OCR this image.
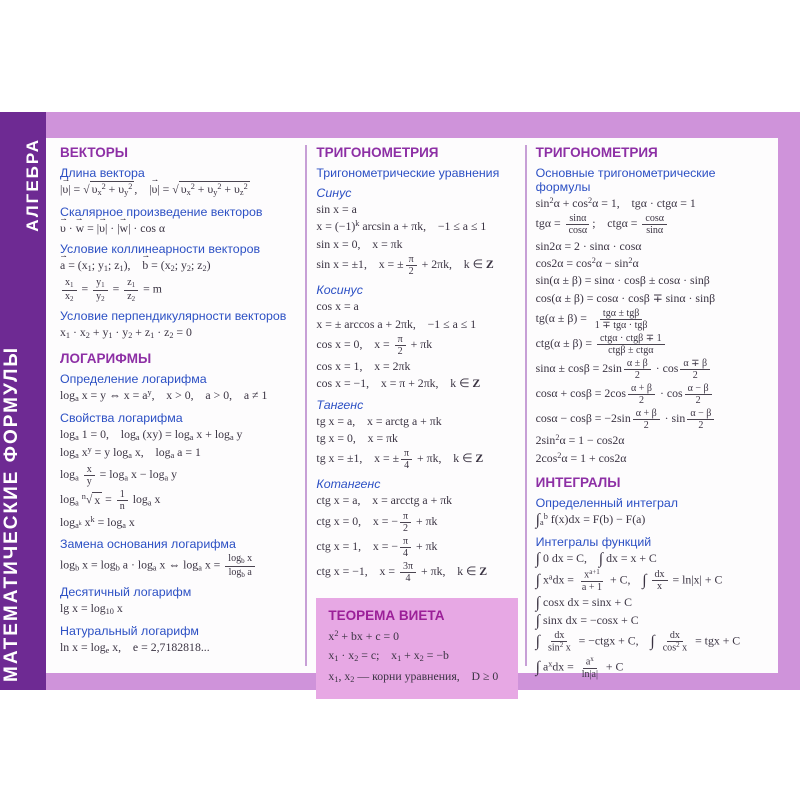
АЛГЕБРА
МАТЕМАТИЧЕСКИЕ ФОРМУЛЫ
ВЕКТОРЫ
Длина вектора
|υ ⇀| = √ $\upsilon_x^2 + \upsilon_y^2$ ,  |υ ⇀| = √ $\upsilon_x^2 + \upsilon_y^2 + \upsilon_z^2$
Скалярное произведение векторов
υ ⇀ · w ⇀ = |υ ⇀| · |w ⇀| · cos α
Условие коллинеарности векторов
a ⇀ = ($x_1$; $y_1$; $z_1$),  b ⇀ = ($x_2$; $y_2$; $z_2$)
$\frac{x_1}{x_2} = \frac{y_1}{y_2} = \frac{z_1}{z_2} = m$
Условие перпендикулярности векторов
$x_1 \cdot x_2 + y_1 \cdot y_2 + z_1 \cdot z_2 = 0$
ЛОГАРИФМЫ
Определение логарифма
$\log_a x = y$ ⇔ $x = a^y$,  x > 0,  a > 0,  a ≠ 1
Свойства логарифма
$\log_a 1 = 0$,  $\log_a (xy) = \log_a x + \log_a y$
$\log_a x^y = y$ $\log_a x$,  $\log_a a = 1$
$\log_a \frac{x}{y} = \log_a x - \log_a y$
$\log_a ^n√$ $x = \frac{1}{n} \log_a x$
$\log_{a^k} x^k = \log_a x$
Замена основания логарифма
$\log_b x = \log_b a \cdot \log_a x$ ⇔ $\log_a x = \frac{\log_b x}{\log_b a}$
Десятичный логарифм
$\lg x = \log_{10} x$
Натуральный логарифм
$\ln x = \log_e x$,  e = 2,7182818...
ТРИГОНОМЕТРИЯ
Тригонометрические уравнения
Синус
sin x = a
$x = (-1)^k$ arcsin a + πk,  −1 ≤ a ≤ 1
sin x = 0,  x = πk
sin x = ±1,  x = ± $\frac{\pi}{2} + 2\pi k$,  k ∈ Z
Косинус
cos x = a
x = ± arccos a + 2πk,  −1 ≤ a ≤ 1
cos x = 0,  $x = \frac{\pi}{2} + \pi k$
cos x = 1,  x = 2πk
cos x = −1,  x = π + 2πk,  k ∈ Z
Тангенс
tg x = a,  x = arctg a + πk
tg x = 0,  x = πk
tg x = ±1,  x = ± $\frac{\pi}{4} + \pi k$,  k ∈ Z
Котангенс
ctg x = a,  x = arcctg a + πk
ctg x = 0,  x = − $\frac{\pi}{2} + \pi k$
ctg x = 1,  x = − $\frac{\pi}{4} + \pi k$
ctg x = −1,  $x = \frac{3\pi}{4} + \pi k$,  k ∈ Z
ТЕОРЕМА ВИЕТА
$x^2$ + bx + c = 0
$x_1 \cdot x_2 = c$;  $x_1 + x_2 = -b$
$x_1$, $x_2$ — корни уравнения,  D ≥ 0
ТРИГОНОМЕТРИЯ
Основные тригонометрические формулы
$\sin^2\alpha + \cos^2\alpha = 1$,  tgα · ctgα = 1
$tg\alpha = \frac{\sin\alpha}{\cos\alpha}$ ;  $ctg\alpha = \frac{\cos\alpha}{\sin\alpha}$
sin2α = 2 · sinα · cosα
$\cos 2\alpha = \cos^2\alpha - \sin^2\alpha$
sin(α ± β) = sinα · cosβ ± cosα · sinβ
cos(α ± β) = cosα · cosβ ∓ sinα · sinβ
tg(α ± β) = tgα ± tgβ
1 ∓ tgα · tgβ
ctg(α ± β) = ctgα · ctgβ ∓ 1
ctgβ ± ctgα
$\sin\alpha \pm \cos\beta = 2\sin \frac{\alpha \pm \beta}{2} \cdot \cos \frac{\alpha \mp \beta}{2}$
$\cos\alpha + \cos\beta = 2\cos \frac{\alpha + \beta}{2} \cdot \cos \frac{\alpha - \beta}{2}$
$\cos\alpha - \cos\beta = -2\sin \frac{\alpha + \beta}{2} \cdot \sin \frac{\alpha - \beta}{2}$
$2\sin^2\alpha = 1 - \cos 2\alpha$
$2\cos^2\alpha = 1 + \cos 2\alpha$
ИНТЕГРАЛЫ
Определенный интеграл
$\int_a^b$ f(x)dx = F(b) − F(a)
Интегралы функций
∫ 0 dx = C,  ∫ dx = x + C
∫ $x^adx = \frac{x^{a+1}}{a + 1} + C$,  ∫ $\frac{dx}{x} = \ln|x| + C$
∫ cosx dx = sinx + C
∫ sinx dx = −cosx + C
∫ $\frac{dx}{\sin^2 x}$ = −ctgx + C,  ∫ $\frac{dx}{\cos^2 x}$ = tgx + C
∫ $a^xdx = \frac{a^x}{\ln|a|} + C$
